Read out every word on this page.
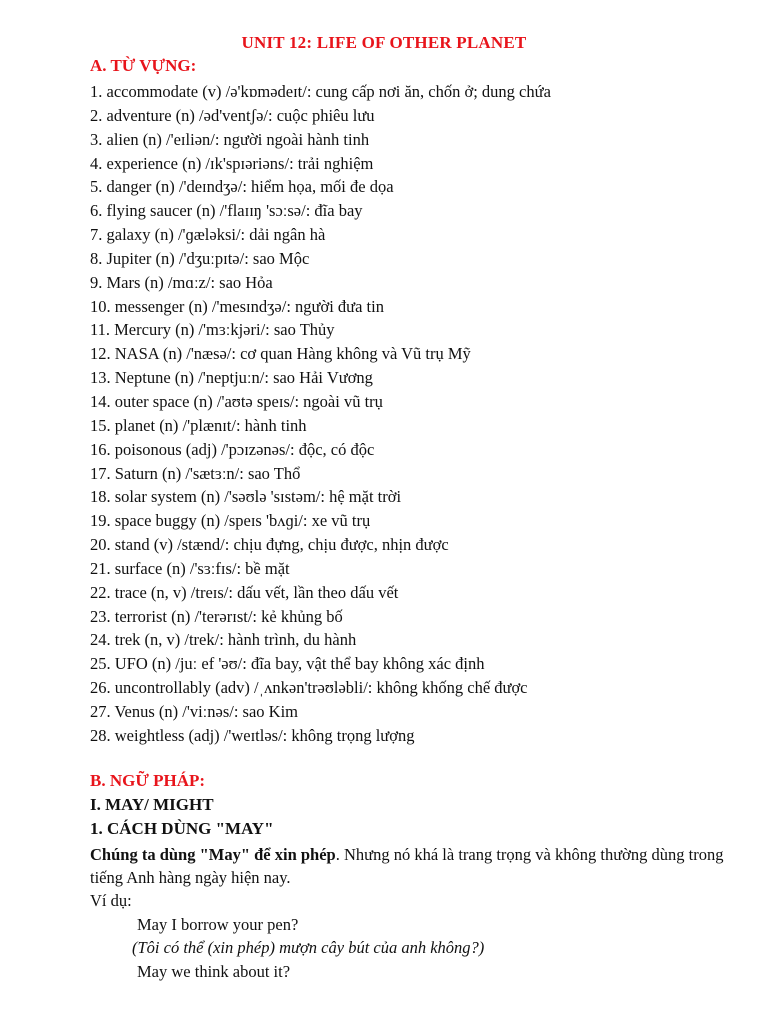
UNIT 12: LIFE OF OTHER PLANET
A. TỪ VỰNG:
1. accommodate (v) /ə'kɒmədeɪt/: cung cấp nơi ăn, chốn ở; dung chứa
2. adventure (n) /əd'ventʃə/: cuộc phiêu lưu
3. alien (n) /'eɪliən/: người ngoài hành tinh
4. experience (n) /ɪk'spɪəriəns/: trải nghiệm
5. danger (n) /'deɪndʒə/: hiểm họa, mối đe dọa
6. flying saucer (n) /'flaɪɪŋ 'sɔːsə/: đĩa bay
7. galaxy (n) /'ɡæləksi/: dải ngân hà
8. Jupiter (n) /'dʒuːpɪtə/: sao Mộc
9. Mars (n) /mɑːz/: sao Hỏa
10. messenger (n) /'mesɪndʒə/: người đưa tin
11. Mercury (n) /'mɜːkjəri/: sao Thủy
12. NASA (n) /'næsə/: cơ quan Hàng không và Vũ trụ Mỹ
13. Neptune (n) /'neptjuːn/: sao Hải Vương
14. outer space (n) /'aʊtə speɪs/: ngoài vũ trụ
15. planet (n) /'plænɪt/: hành tinh
16. poisonous (adj) /'pɔɪzənəs/: độc, có độc
17. Saturn (n) /'sætɜːn/: sao Thổ
18. solar system (n) /'səʊlə 'sɪstəm/: hệ mặt trời
19. space buggy (n) /speɪs 'bʌɡi/: xe vũ trụ
20. stand (v) /stænd/: chịu đựng, chịu được, nhịn được
21. surface (n) /'sɜːfɪs/: bề mặt
22. trace (n, v) /treɪs/: dấu vết, lần theo dấu vết
23. terrorist (n) /'terərɪst/: kẻ khủng bố
24. trek (n, v) /trek/: hành trình, du hành
25. UFO (n) /juː ef 'əʊ/: đĩa bay, vật thể bay không xác định
26. uncontrollably (adv) /ˌʌnkən'trəʊləbli/: không khống chế được
27. Venus (n) /'viːnəs/: sao Kim
28. weightless (adj) /'weɪtləs/: không trọng lượng
B. NGỮ PHÁP:
I. MAY/ MIGHT
1. CÁCH DÙNG "MAY"

Chúng ta dùng "May" để xin phép. Nhưng nó khá là trang trọng và không thường dùng trong tiếng Anh hàng ngày hiện nay.

Ví dụ:

May I borrow your pen?

(Tôi có thể (xin phép) mượn cây bút của anh không?)

May we think about it?
